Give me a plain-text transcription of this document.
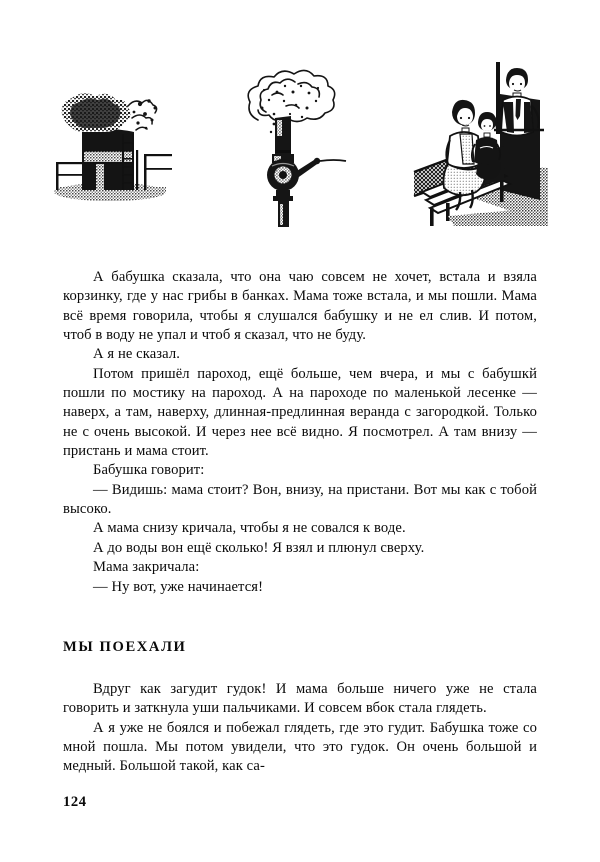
А бабушка сказала, что она чаю совсем не хочет, встала и взяла корзинку, где у нас грибы в банках. Мама тоже встала, и мы пошли. Мама всё время говорила, чтобы я слушался бабушку и не ел слив. И потом, чтоб в воду не упал и чтоб я сказал, что не буду.

А я не сказал.

Потом пришёл пароход, ещё больше, чем вчера, и мы с бабушкй пошли по мостику на пароход. А на пароходе по маленькой лесенке — наверх, а там, наверху, длинная-предлинная веранда с загородкой. Только не с очень высокой. И через нее всё видно. Я посмотрел. А там внизу — пристань и мама стоит.

Бабушка говорит:

— Видишь: мама стоит? Вон, внизу, на пристани. Вот мы как с тобой высоко.

А мама снизу кричала, чтобы я не совался к воде.

А до воды вон ещё сколько! Я взял и плюнул сверху.

Мама закричала:

— Ну вот, уже начинается!

МЫ ПОЕХАЛИ

Вдруг как загудит гудок! И мама больше ничего уже не стала говорить и заткнула уши пальчиками. И совсем вбок стала глядеть.

А я уже не боялся и побежал глядеть, где это гудит. Бабушка тоже со мной пошла. Мы потом увидели, что это гудок. Он очень большой и медный. Большой такой, как са-

124
